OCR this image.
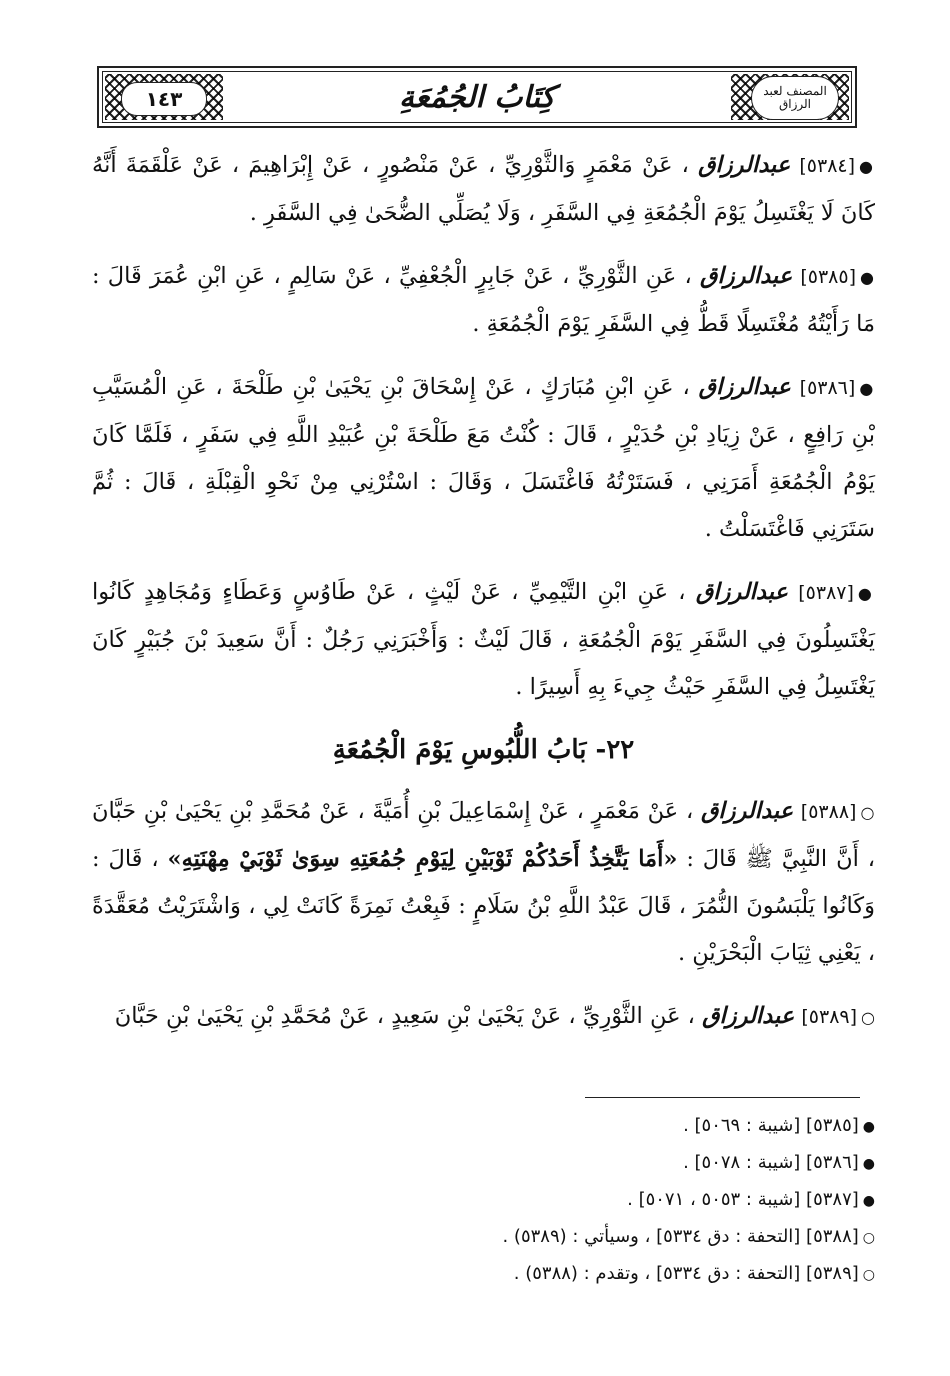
١٤٣	كِتَابُ الجُمُعَةِ	المصنف لعبد الرزاق

●[٥٣٨٤] عبدالرزاق ، عَنْ مَعْمَرٍ وَالثَّوْرِيِّ ، عَنْ مَنْصُورٍ ، عَنْ إِبْرَاهِيمَ ، عَنْ عَلْقَمَةَ أَنَّهُ كَانَ لَا يَغْتَسِلُ يَوْمَ الْجُمُعَةِ فِي السَّفَرِ ، وَلَا يُصَلِّي الضُّحَىٰ فِي السَّفَرِ .

●[٥٣٨٥] عبدالرزاق ، عَنِ الثَّوْرِيِّ ، عَنْ جَابِرٍ الْجُعْفِيِّ ، عَنْ سَالِمٍ ، عَنِ ابْنِ عُمَرَ قَالَ : مَا رَأَيْتُهُ مُغْتَسِلًا قَطُّ فِي السَّفَرِ يَوْمَ الْجُمُعَةِ .

●[٥٣٨٦] عبدالرزاق ، عَنِ ابْنِ مُبَارَكٍ ، عَنْ إِسْحَاقَ بْنِ يَحْيَىٰ بْنِ طَلْحَةَ ، عَنِ الْمُسَيَّبِ بْنِ رَافِعٍ ، عَنْ زِيَادِ بْنِ حُدَيْرٍ ، قَالَ : كُنْتُ مَعَ طَلْحَةَ بْنِ عُبَيْدِ اللَّهِ فِي سَفَرٍ ، فَلَمَّا كَانَ يَوْمُ الْجُمُعَةِ أَمَرَنِي ، فَسَتَرْتُهُ فَاغْتَسَلَ ، وَقَالَ : اسْتُرْنِي مِنْ نَحْوِ الْقِبْلَةِ ، قَالَ : ثُمَّ سَتَرَنِي فَاغْتَسَلْتُ .

●[٥٣٨٧] عبدالرزاق ، عَنِ ابْنِ التَّيْمِيِّ ، عَنْ لَيْثٍ ، عَنْ طَاوُسٍ وَعَطَاءٍ وَمُجَاهِدٍ كَانُوا يَغْتَسِلُونَ فِي السَّفَرِ يَوْمَ الْجُمُعَةِ ، قَالَ لَيْثٌ : وَأَخْبَرَنِي رَجُلٌ : أَنَّ سَعِيدَ بْنَ جُبَيْرٍ كَانَ يَغْتَسِلُ فِي السَّفَرِ حَيْثُ جِيءَ بِهِ أَسِيرًا .

٢٢- بَابُ اللُّبُوسِ يَوْمَ الْجُمُعَةِ

○[٥٣٨٨] عبدالرزاق ، عَنْ مَعْمَرٍ ، عَنْ إِسْمَاعِيلَ بْنِ أُمَيَّةَ ، عَنْ مُحَمَّدِ بْنِ يَحْيَىٰ بْنِ حَبَّانَ ، أَنَّ النَّبِيَّ ﷺ قَالَ : «أَمَا يَتَّخِذُ أَحَدُكُمْ ثَوْبَيْنِ لِيَوْمِ جُمُعَتِهِ سِوَىٰ ثَوْبَيْ مِهْنَتِهِ» ، قَالَ : وَكَانُوا يَلْبَسُونَ النُّمُرَ ، قَالَ عَبْدُ اللَّهِ بْنُ سَلَامٍ : فَبِعْتُ نَمِرَةً كَانَتْ لِي ، وَاشْتَرَيْتُ مُعَقَّدَةً ، يَعْنِي ثِيَابَ الْبَحْرَيْنِ .

○[٥٣٨٩] عبدالرزاق ، عَنِ الثَّوْرِيِّ ، عَنْ يَحْيَىٰ بْنِ سَعِيدٍ ، عَنْ مُحَمَّدِ بْنِ يَحْيَىٰ بْنِ حَبَّانَ

●[٥٣٨٥] [شيبة : ٥٠٦٩] .
●[٥٣٨٦] [شيبة : ٥٠٧٨] .
●[٥٣٨٧] [شيبة : ٥٠٥٣ ، ٥٠٧١] .
○[٥٣٨٨] [التحفة : دق ٥٣٣٤] ، وسيأتي : (٥٣٨٩) .
○[٥٣٨٩] [التحفة : دق ٥٣٣٤] ، وتقدم : (٥٣٨٨) .
